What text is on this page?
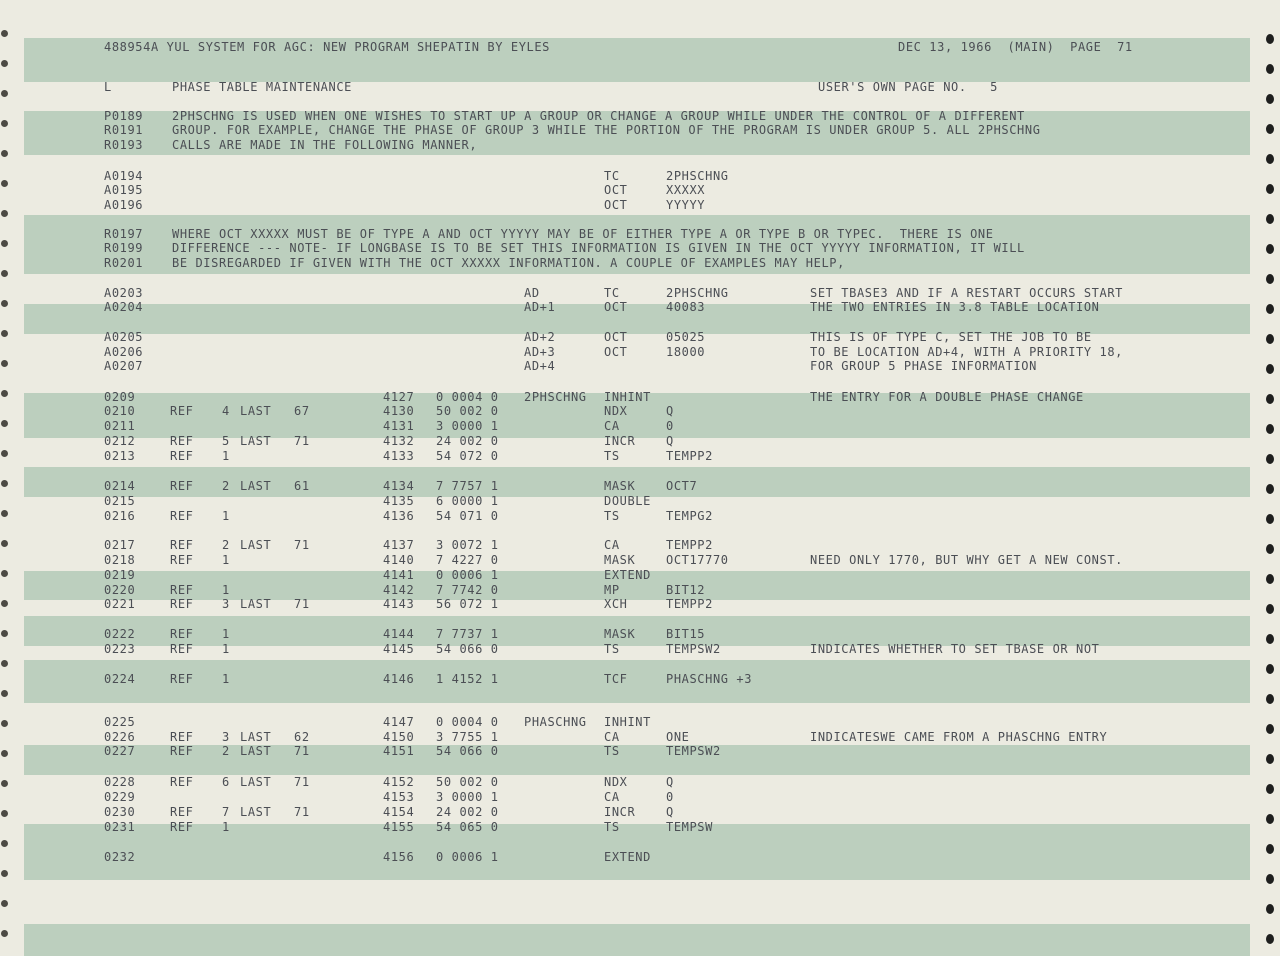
488954A YUL SYSTEM FOR AGC: NEW PROGRAM SHEPATIN BY EYLES	DEC 13, 1966  (MAIN)  PAGE  71
L	PHASE TABLE MAINTENANCE	USER'S OWN PAGE NO.   5
P0189 2PHSCHNG IS USED WHEN ONE WISHES TO START UP A GROUP OR CHANGE A GROUP WHILE UNDER THE CONTROL OF A DIFFERENT
R0191 GROUP. FOR EXAMPLE, CHANGE THE PHASE OF GROUP 3 WHILE THE PORTION OF THE PROGRAM IS UNDER GROUP 5. ALL 2PHSCHNG
R0193 CALLS ARE MADE IN THE FOLLOWING MANNER,
A0194	TC	2PHSCHNG
A0195	OCT	XXXXX
A0196	OCT	YYYYY
R0197 WHERE OCT XXXXX MUST BE OF TYPE A AND OCT YYYYY MAY BE OF EITHER TYPE A OR TYPE B OR TYPEC.  THERE IS ONE
R0199 DIFFERENCE --- NOTE- IF LONGBASE IS TO BE SET THIS INFORMATION IS GIVEN IN THE OCT YYYYY INFORMATION, IT WILL
R0201 BE DISREGARDED IF GIVEN WITH THE OCT XXXXX INFORMATION. A COUPLE OF EXAMPLES MAY HELP,
A0203	AD	TC	2PHSCHNG	SET TBASE3 AND IF A RESTART OCCURS START
A0204	AD+1	OCT	40083	THE TWO ENTRIES IN 3.8 TABLE LOCATION
A0205	AD+2	OCT	05025	THIS IS OF TYPE C, SET THE JOB TO BE
A0206	AD+3	OCT	18000	TO BE LOCATION AD+4, WITH A PRIORITY 18,
A0207	AD+4	FOR GROUP 5 PHASE INFORMATION
0209	4127 0 0004 0 2PHSCHNG INHINT	THE ENTRY FOR A DOUBLE PHASE CHANGE
0210	REF 4 LAST 67	4130 50 002 0	NDX	Q
0211	4131 3 0000 1	CA	0
0212	REF 5 LAST 71	4132 24 002 0	INCR	Q
0213	REF 1	4133 54 072 0	TS	TEMPP2
0214	REF 2 LAST 61	4134 7 7757 1	MASK	OCT7
0215	4135 6 0000 1	DOUBLE
0216	REF 1	4136 54 071 0	TS	TEMPG2
0217	REF 2 LAST 71	4137 3 0072 1	CA	TEMPP2
0218	REF 1	4140 7 4227 0	MASK	OCT17770	NEED ONLY 1770, BUT WHY GET A NEW CONST.
0219	4141 0 0006 1	EXTEND
0220	REF 1	4142 7 7742 0	MP	BIT12
0221	REF 3 LAST 71	4143 56 072 1	XCH	TEMPP2
0222	REF 1	4144 7 7737 1	MASK	BIT15
0223	REF 1	4145 54 066 0	TS	TEMPSW2	INDICATES WHETHER TO SET TBASE OR NOT
0224	REF 1	4146 1 4152 1	TCF	PHASCHNG +3
0225	4147 0 0004 0 PHASCHNG INHINT
0226	REF 3 LAST 62	4150 3 7755 1	CA	ONE	INDICATESWE CAME FROM A PHASCHNG ENTRY
0227	REF 2 LAST 71	4151 54 066 0	TS	TEMPSW2
0228	REF 6 LAST 71	4152 50 002 0	NDX	Q
0229	4153 3 0000 1	CA	0
0230	REF 7 LAST 71	4154 24 002 0	INCR	Q
0231	REF 1	4155 54 065 0	TS	TEMPSW
0232	4156 0 0006 1	EXTEND
